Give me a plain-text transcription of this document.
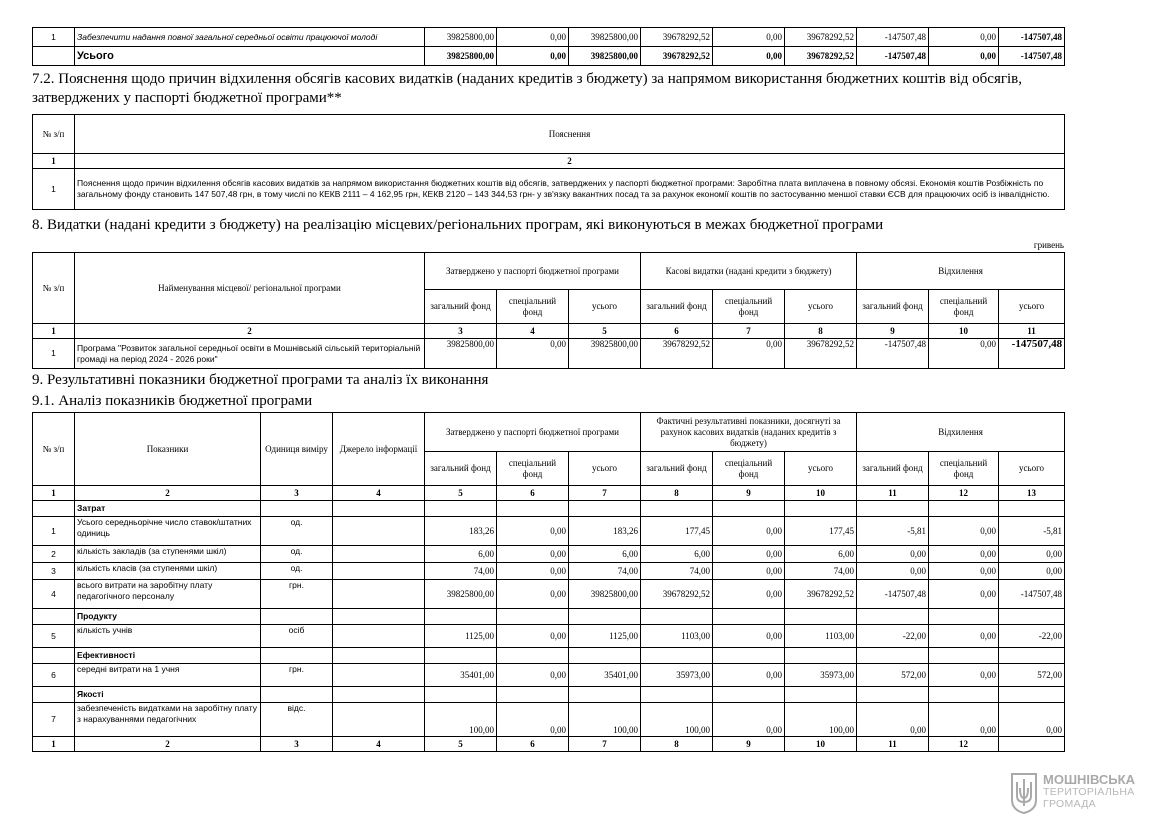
1	Забезпечити надання повної загальної середньої освіти працюючої молоді	39825800,00	0,00	39825800,00	39678292,52	0,00	39678292,52	-147507,48	0,00	-147507,48
	Усього	39825800,00	0,00	39825800,00	39678292,52	0,00	39678292,52	-147507,48	0,00	-147507,48

7.2. Пояснення щодо причин відхилення обсягів касових видатків (наданих кредитів з бюджету) за напрямом використання бюджетних коштів від обсягів, затверджених у паспорті бюджетної програми**

№ з/п	Пояснення
1	2
1	Пояснення щодо причин відхилення обсягів касових видатків за напрямом використання бюджетних коштів від обсягів, затверджених у паспорті бюджетної програми: Заробітна плата виплачена в повному обсязі. Економія коштів Розбіжність по загальному фонду становить 147 507,48 грн, в тому числі по КЕКВ 2111 – 4 162,95 грн, КЕКВ 2120 – 143 344,53 грн- у зв'язку вакантних посад та за рахунок економії коштів по застосуванню меншої ставки ЄСВ для працюючих осіб із інвалідністю.

8. Видатки (надані кредити з бюджету) на реалізацію місцевих/регіональних програм, які виконуються в межах бюджетної програми

гривень
№ з/п	Найменування місцевої/ регіональної програми	Затверджено у паспорті бюджетної програми			Касові видатки (надані кредити з бюджету)			Відхилення		
		загальний фонд	спеціальний фонд	усього	загальний фонд	спеціальний фонд	усього	загальний фонд	спеціальний фонд	усього
1	2	3	4	5	6	7	8	9	10	11
1	Програма "Розвиток загальної середньої освіти в Мошнівській сільській територіальній громаді на період 2024 - 2026 роки"	39825800,00	0,00	39825800,00	39678292,52	0,00	39678292,52	-147507,48	0,00	-147507,48

9. Результативні показники бюджетної програми та аналіз їх виконання

9.1. Аналіз показників бюджетної програми

№ з/п	Показники	Одиниця виміру	Джерело інформації	Затверджено у паспорті бюджетної програми			Фактичні результативні показники, досягнуті за рахунок касових видатків (наданих кредитів з бюджету)			Відхилення		
				загальний фонд	спеціальний фонд	усього	загальний фонд	спеціальний фонд	усього	загальний фонд	спеціальний фонд	усього
1	2	3	4	5	6	7	8	9	10	11	12	13
	Затрат											
1	Усього середньорічне число ставок/штатних одиниць	од.		183,26	0,00	183,26	177,45	0,00	177,45	-5,81	0,00	-5,81
2	кількість закладів (за ступенями шкіл)	од.		6,00	0,00	6,00	6,00	0,00	6,00	0,00	0,00	0,00
3	кількість класів (за ступенями шкіл)	од.		74,00	0,00	74,00	74,00	0,00	74,00	0,00	0,00	0,00
4	всього витрати на заробітну плату педагогічного персоналу	грн.		39825800,00	0,00	39825800,00	39678292,52	0,00	39678292,52	-147507,48	0,00	-147507,48
	Продукту											
5	кількість учнів	осіб		1125,00	0,00	1125,00	1103,00	0,00	1103,00	-22,00	0,00	-22,00
	Ефективності											
6	середні витрати на 1 учня	грн.		35401,00	0,00	35401,00	35973,00	0,00	35973,00	572,00	0,00	572,00
	Якості											
7	забезпеченість видатками на заробітну плату з нарахуваннями педагогічних	відс.		100,00	0,00	100,00	100,00	0,00	100,00	0,00	0,00	0,00
1	2	3	4	5	6	7	8	9	10	11	12	
МОШНІВСЬКА
ТЕРИТОРІАЛЬНА
ГРОМАДА
